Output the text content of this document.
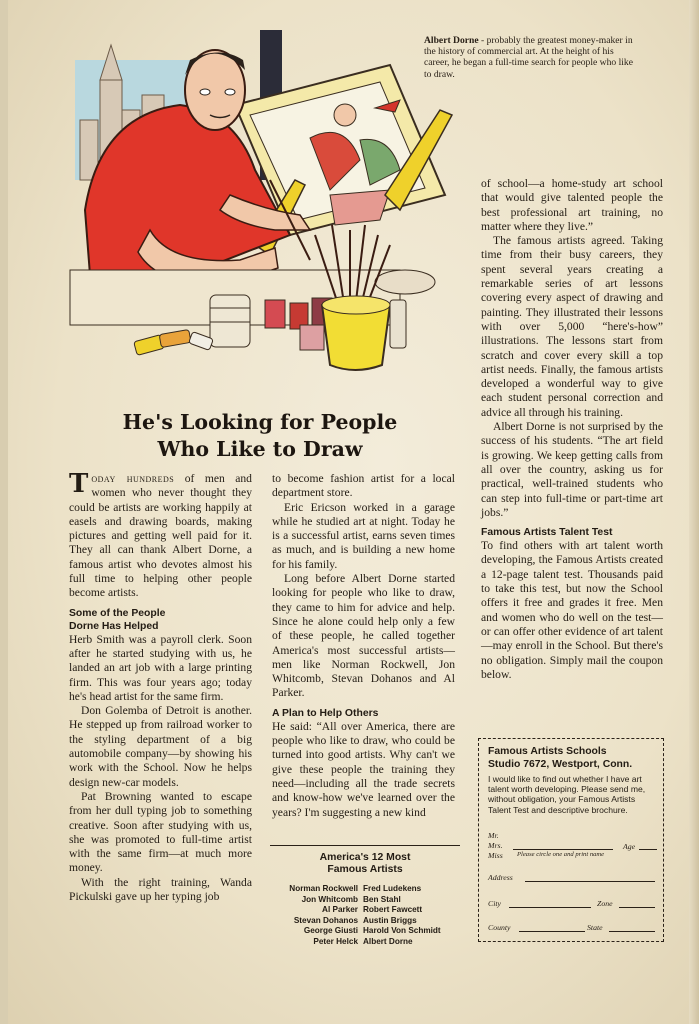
Albert Dorne - probably the greatest money-maker in the history of commercial art. At the height of his career, he began a full-time search for people who like to draw.
He's Looking for People
Who Like to Draw

Today hundreds of men and women who never thought they could be artists are working happily at easels and drawing boards, making pictures and getting well paid for it. They all can thank Albert Dorne, a famous artist who devotes almost his full time to helping other people become artists.

Some of the People
Dorne Has Helped

Herb Smith was a payroll clerk. Soon after he started studying with us, he landed an art job with a large printing firm. This was four years ago; today he's head artist for the same firm.

Don Golemba of Detroit is another. He stepped up from railroad worker to the styling department of a big automobile company—by showing his work with the School. Now he helps design new-car models.

Pat Browning wanted to escape from her dull typing job to something creative. Soon after studying with us, she was promoted to full-time artist with the same firm—at much more money.

With the right training, Wanda Pickulski gave up her typing job

to become fashion artist for a local department store.

Eric Ericson worked in a garage while he studied art at night. Today he is a successful artist, earns seven times as much, and is building a new home for his family.

Long before Albert Dorne started looking for people who like to draw, they came to him for advice and help. Since he alone could help only a few of these people, he called together America's most successful artists—men like Norman Rockwell, Jon Whitcomb, Stevan Dohanos and Al Parker.

A Plan to Help Others

He said: “All over America, there are people who like to draw, who could be turned into good artists. Why can't we give these people the training they need—including all the trade secrets and know-how we've learned over the years? I'm suggesting a new kind

America's 12 Most
Famous Artists
Norman Rockwell Fred Ludekens
Jon Whitcomb Ben Stahl
Al Parker Robert Fawcett
Stevan Dohanos Austin Briggs
George Giusti Harold Von Schmidt
Peter Helck Albert Dorne

of school—a home-study art school that would give talented people the best professional art training, no matter where they live.”

The famous artists agreed. Taking time from their busy careers, they spent several years creating a remarkable series of art lessons covering every aspect of drawing and painting. They illustrated their lessons with over 5,000 “here's-how” illustrations. The lessons start from scratch and cover every skill a top artist needs. Finally, the famous artists developed a wonderful way to give each student personal correction and advice all through his training.

Albert Dorne is not surprised by the success of his students. “The art field is growing. We keep getting calls from all over the country, asking us for practical, well-trained students who can step into full-time or part-time art jobs.”

Famous Artists Talent Test

To find others with art talent worth developing, the Famous Artists created a 12-page talent test. Thousands paid to take this test, but now the School offers it free and grades it free. Men and women who do well on the test—or can offer other evidence of art talent—may enroll in the School. But there's no obligation. Simply mail the coupon below.

Famous Artists Schools
Studio 7672, Westport, Conn.
I would like to find out whether I have art talent worth developing. Please send me, without obligation, your Famous Artists Talent Test and descriptive brochure.
Mr.
Mrs.
Miss
Age
Please circle one and print name
Address
City	Zone
County	State
